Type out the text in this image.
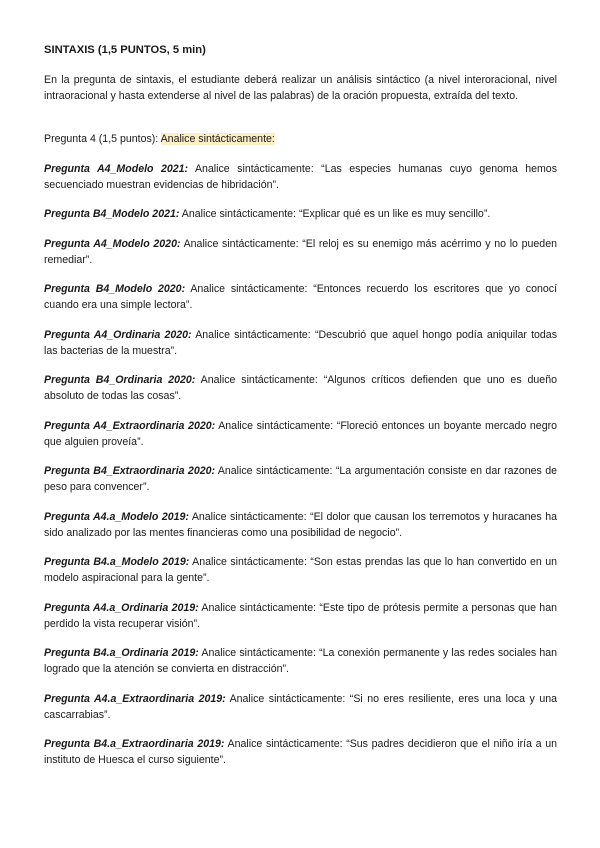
SINTAXIS (1,5 PUNTOS, 5 min)

En la pregunta de sintaxis, el estudiante deberá realizar un análisis sintáctico (a nivel interoracional, nivel intraoracional y hasta extenderse al nivel de las palabras) de la oración propuesta, extraída del texto.

Pregunta 4 (1,5 puntos): Analice sintácticamente:

Pregunta A4_Modelo 2021: Analice sintácticamente: “Las especies humanas cuyo genoma hemos secuenciado muestran evidencias de hibridación”.

Pregunta B4_Modelo 2021: Analice sintácticamente: “Explicar qué es un like es muy sencillo”.

Pregunta A4_Modelo 2020: Analice sintácticamente: “El reloj es su enemigo más acérrimo y no lo pueden remediar”.

Pregunta B4_Modelo 2020: Analice sintácticamente: “Entonces recuerdo los escritores que yo conocí cuando era una simple lectora”.

Pregunta A4_Ordinaria 2020: Analice sintácticamente: “Descubrió que aquel hongo podía aniquilar todas las bacterias de la muestra”.

Pregunta B4_Ordinaria 2020: Analice sintácticamente: “Algunos críticos defienden que uno es dueño absoluto de todas las cosas”.

Pregunta A4_Extraordinaria 2020: Analice sintácticamente: “Floreció entonces un boyante mercado negro que alguien proveía”.

Pregunta B4_Extraordinaria 2020: Analice sintácticamente: “La argumentación consiste en dar razones de peso para convencer”.

Pregunta A4.a_Modelo 2019: Analice sintácticamente: “El dolor que causan los terremotos y huracanes ha sido analizado por las mentes financieras como una posibilidad de negocio”.

Pregunta B4.a_Modelo 2019: Analice sintácticamente: “Son estas prendas las que lo han convertido en un modelo aspiracional para la gente”.

Pregunta A4.a_Ordinaria 2019: Analice sintácticamente: “Este tipo de prótesis permite a personas que han perdido la vista recuperar visión”.

Pregunta B4.a_Ordinaria 2019: Analice sintácticamente: “La conexión permanente y las redes sociales han logrado que la atención se convierta en distracción”.

Pregunta A4.a_Extraordinaria 2019: Analice sintácticamente: “Si no eres resiliente, eres una loca y una cascarrabias”.

Pregunta B4.a_Extraordinaria 2019: Analice sintácticamente: “Sus padres decidieron que el niño iría a un instituto de Huesca el curso siguiente”.
